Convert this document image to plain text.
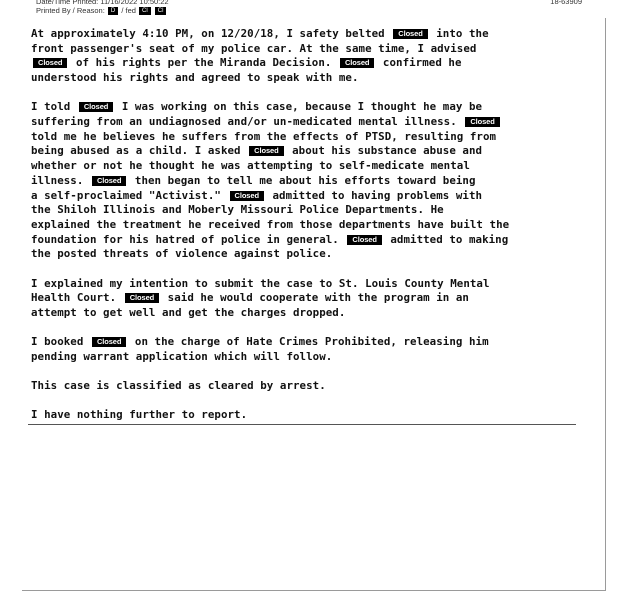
Date/Time Printed: 11/16/2022 10:50:22
Printed By / Reason: D / fed Cl Cl
18-63909

At approximately 4:10 PM, on 12/20/18, I safety belted Closed into the
front passenger's seat of my police car. At the same time, I advised
Closed of his rights per the Miranda Decision. Closed confirmed he
understood his rights and agreed to speak with me.

I told Closed I was working on this case, because I thought he may be
suffering from an undiagnosed and/or un-medicated mental illness. Closed
told me he believes he suffers from the effects of PTSD, resulting from
being abused as a child. I asked Closed about his substance abuse and
whether or not he thought he was attempting to self-medicate mental
illness. Closed then began to tell me about his efforts toward being
a self-proclaimed "Activist." Closed admitted to having problems with
the Shiloh Illinois and Moberly Missouri Police Departments. He
explained the treatment he received from those departments have built the
foundation for his hatred of police in general. Closed admitted to making
the posted threats of violence against police.

I explained my intention to submit the case to St. Louis County Mental
Health Court. Closed said he would cooperate with the program in an
attempt to get well and get the charges dropped.

I booked Closed on the charge of Hate Crimes Prohibited, releasing him
pending warrant application which will follow.

This case is classified as cleared by arrest.

I have nothing further to report.
